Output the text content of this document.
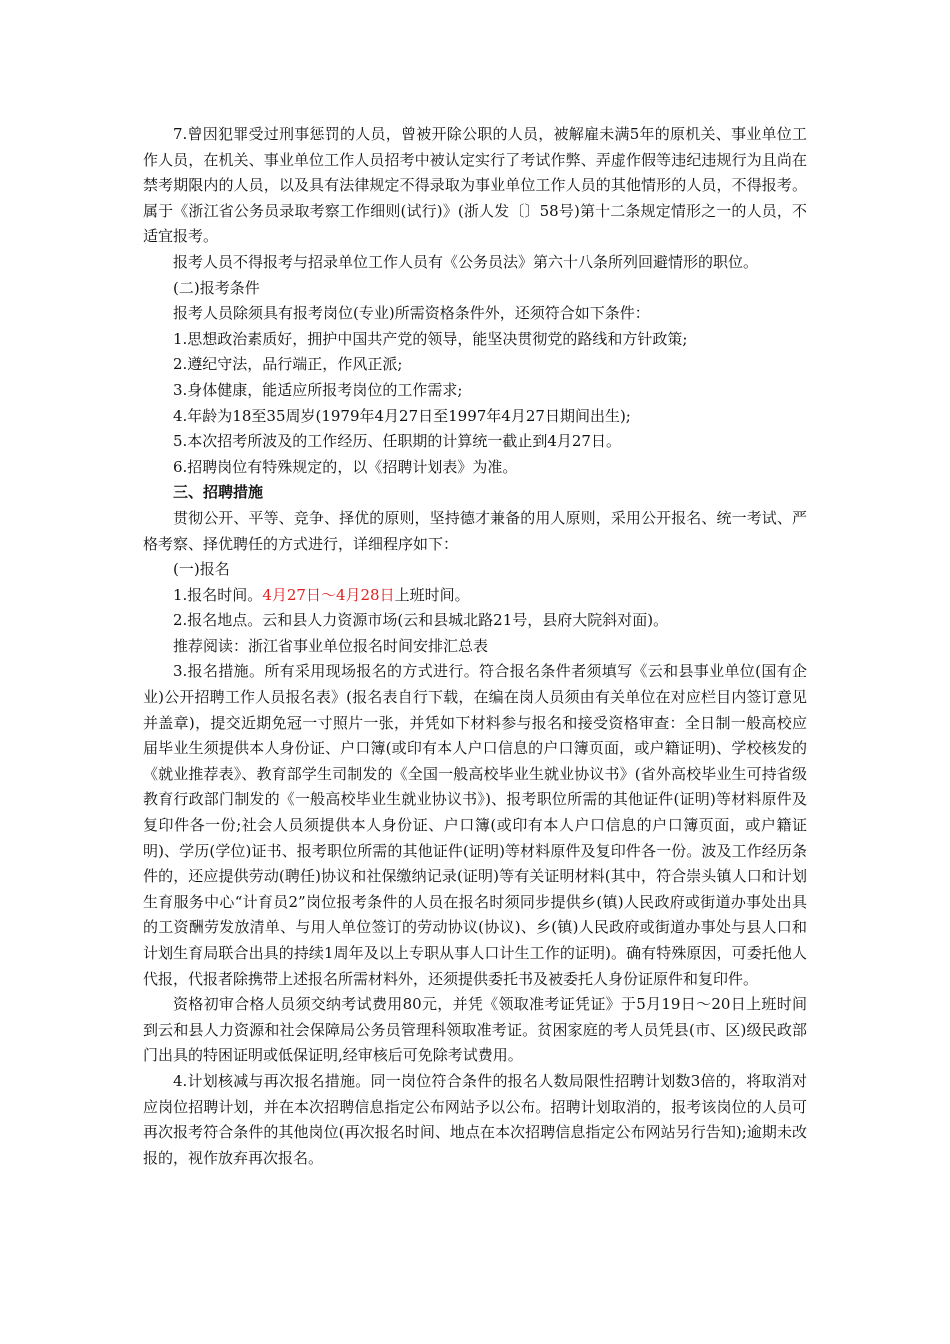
7.曾因犯罪受过刑事惩罚的人员，曾被开除公职的人员，被解雇未满5年的原机关、事业单位工作人员，在机关、事业单位工作人员招考中被认定实行了考试作弊、弄虚作假等违纪违规行为且尚在禁考期限内的人员，以及具有法律规定不得录取为事业单位工作人员的其他情形的人员，不得报考。属于《浙江省公务员录取考察工作细则(试行)》(浙人发〔〕58号)第十二条规定情形之一的人员，不适宜报考。

报考人员不得报考与招录单位工作人员有《公务员法》第六十八条所列回避情形的职位。

(二)报考条件

报考人员除须具有报考岗位(专业)所需资格条件外，还须符合如下条件：

1.思想政治素质好，拥护中国共产党的领导，能坚决贯彻党的路线和方针政策;

2.遵纪守法，品行端正，作风正派;

3.身体健康，能适应所报考岗位的工作需求;

4.年龄为18至35周岁(1979年4月27日至1997年4月27日期间出生);

5.本次招考所波及的工作经历、任职期的计算统一截止到4月27日。

6.招聘岗位有特殊规定的，以《招聘计划表》为准。

三、招聘措施

贯彻公开、平等、竞争、择优的原则，坚持德才兼备的用人原则，采用公开报名、统一考试、严格考察、择优聘任的方式进行，详细程序如下：

(一)报名

1.报名时间。4月27日～4月28日上班时间。

2.报名地点。云和县人力资源市场(云和县城北路21号，县府大院斜对面)。

推荐阅读：浙江省事业单位报名时间安排汇总表

3.报名措施。所有采用现场报名的方式进行。符合报名条件者须填写《云和县事业单位(国有企业)公开招聘工作人员报名表》(报名表自行下载，在编在岗人员须由有关单位在对应栏目内签订意见并盖章)，提交近期免冠一寸照片一张，并凭如下材料参与报名和接受资格审查：全日制一般高校应届毕业生须提供本人身份证、户口簿(或印有本人户口信息的户口簿页面，或户籍证明)、学校核发的《就业推荐表》、教育部学生司制发的《全国一般高校毕业生就业协议书》(省外高校毕业生可持省级教育行政部门制发的《一般高校毕业生就业协议书》)、报考职位所需的其他证件(证明)等材料原件及复印件各一份;社会人员须提供本人身份证、户口簿(或印有本人户口信息的户口簿页面，或户籍证明)、学历(学位)证书、报考职位所需的其他证件(证明)等材料原件及复印件各一份。波及工作经历条件的，还应提供劳动(聘任)协议和社保缴纳记录(证明)等有关证明材料(其中，符合崇头镇人口和计划生育服务中心“计育员2”岗位报考条件的人员在报名时须同步提供乡(镇)人民政府或街道办事处出具的工资酬劳发放清单、与用人单位签订的劳动协议(协议)、乡(镇)人民政府或街道办事处与县人口和计划生育局联合出具的持续1周年及以上专职从事人口计生工作的证明)。确有特殊原因，可委托他人代报，代报者除携带上述报名所需材料外，还须提供委托书及被委托人身份证原件和复印件。

资格初审合格人员须交纳考试费用80元，并凭《领取准考证凭证》于5月19日～20日上班时间到云和县人力资源和社会保障局公务员管理科领取准考证。贫困家庭的考人员凭县(市、区)级民政部门出具的特困证明或低保证明,经审核后可免除考试费用。

4.计划核减与再次报名措施。同一岗位符合条件的报名人数局限性招聘计划数3倍的，将取消对应岗位招聘计划，并在本次招聘信息指定公布网站予以公布。招聘计划取消的，报考该岗位的人员可再次报考符合条件的其他岗位(再次报名时间、地点在本次招聘信息指定公布网站另行告知);逾期未改报的，视作放弃再次报名。
